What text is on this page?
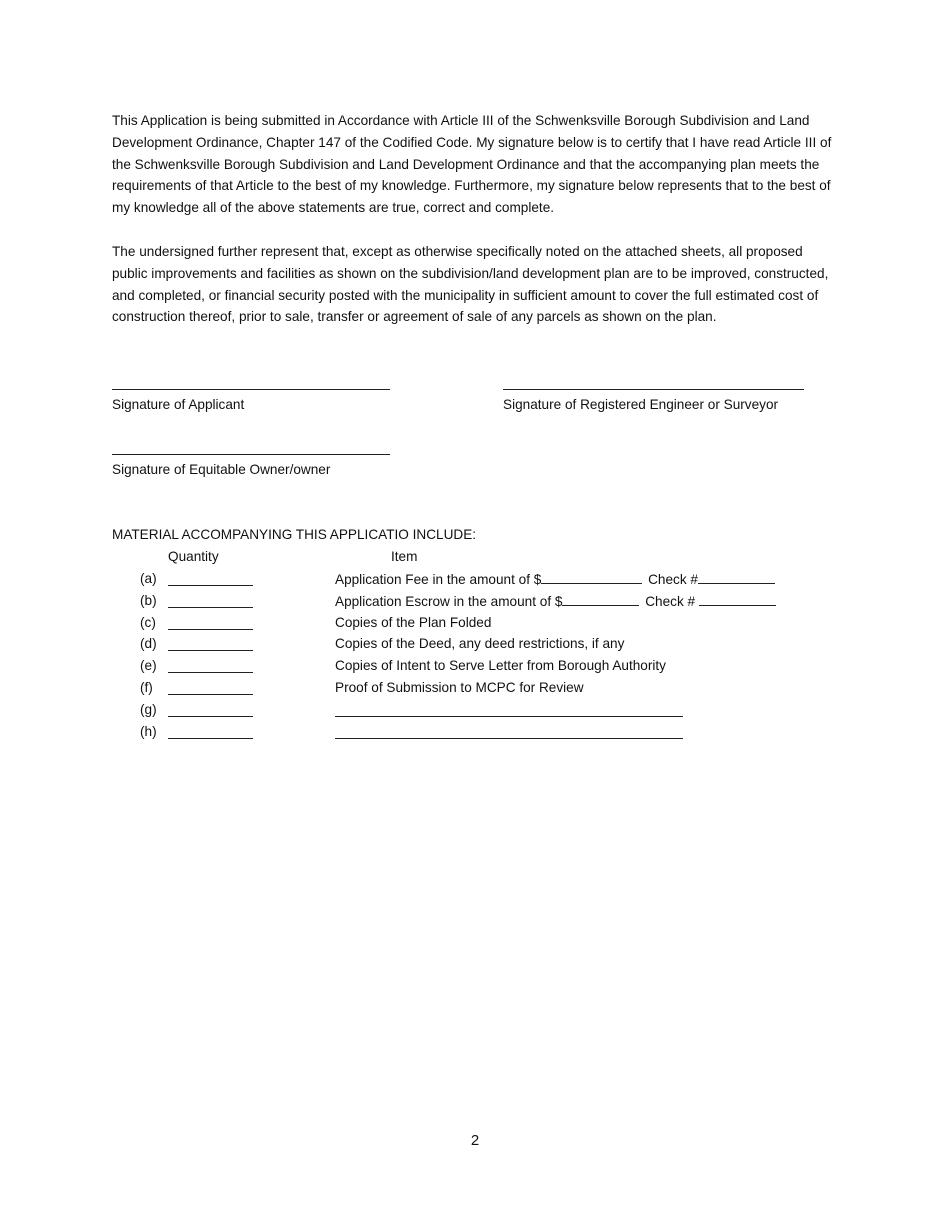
This Application is being submitted in Accordance with Article III of the Schwenksville Borough Subdivision and Land Development Ordinance, Chapter 147 of the Codified Code. My signature below is to certify that I have read Article III of the Schwenksville Borough Subdivision and Land Development Ordinance and that the accompanying plan meets the requirements of that Article to the best of my knowledge. Furthermore, my signature below represents that to the best of my knowledge all of the above statements are true, correct and complete.

The undersigned further represent that, except as otherwise specifically noted on the attached sheets, all proposed public improvements and facilities as shown on the subdivision/land development plan are to be improved, constructed, and completed, or financial security posted with the municipality in sufficient amount to cover the full estimated cost of construction thereof, prior to sale, transfer or agreement of sale of any parcels as shown on the plan.

Signature of Applicant	Signature of Registered Engineer or Surveyor
Signature of Equitable Owner/owner
MATERIAL ACCOMPANYING THIS APPLICATIO INCLUDE:
Quantity	Item
(a)	Application Fee in the amount of $	Check #
(b)	Application Escrow in the amount of $	Check #
(c)	Copies of the Plan Folded
(d)	Copies of the Deed, any deed restrictions, if any
(e)	Copies of Intent to Serve Letter from Borough Authority
(f)	Proof of Submission to MCPC for Review
(g)
(h)
2
